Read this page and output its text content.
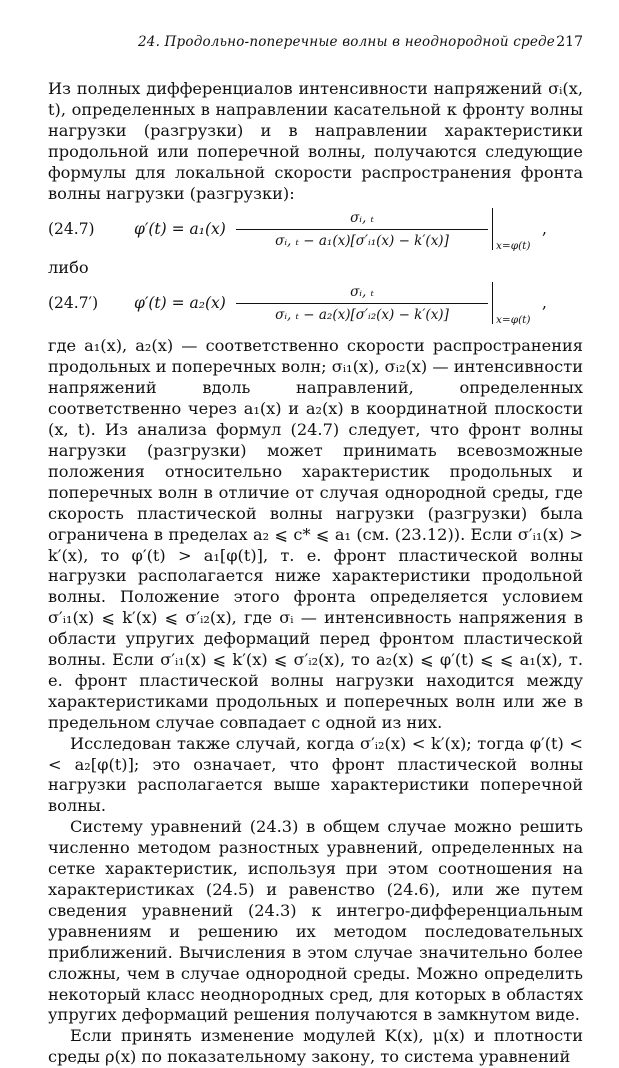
24. Продольно-поперечные волны в неоднородной среде 217

Из полных дифференциалов интенсивности напряжений σᵢ(x, t), определенных в направлении касательной к фронту волны нагрузки (разгрузки) и в направлении характеристики продольной или поперечной волны, получаются следующие формулы для локальной скорости распространения фронта волны нагрузки (разгрузки):

(24.7)	$\varphi'(t) = a_1(x) \frac{\text{σᵢ, ₜ}}{\text{σᵢ, ₜ − a₁(x)[σ′ᵢ₁(x) − k′(x)]}} x=\varphi(t)$
,
либо
(24.7′) $\varphi'(t) = a_2(x) \frac{\text{σᵢ, ₜ}}{\text{σᵢ, ₜ − a₂(x)[σ′ᵢ₂(x) − k′(x)]}} x=\varphi(t)$
,

где a₁(x), a₂(x) — соответственно скорости распространения продольных и поперечных волн; σᵢ₁(x), σᵢ₂(x) — интенсивности напряжений вдоль направлений, определенных соответственно через a₁(x) и a₂(x) в координатной плоскости (x, t). Из анализа формул (24.7) следует, что фронт волны нагрузки (разгрузки) может принимать всевозможные положения относительно характеристик продольных и поперечных волн в отличие от случая однородной среды, где скорость пластической волны нагрузки (разгрузки) была ограничена в пределах a₂ ⩽ c* ⩽ a₁ (см. (23.12)). Если σ′ᵢ₁(x) > k′(x), то φ′(t) > a₁[φ(t)], т. е. фронт пластической волны нагрузки располагается ниже характеристики продольной волны. Положение этого фронта определяется условием σ′ᵢ₁(x) ⩽ k′(x) ⩽ σ′ᵢ₂(x), где σᵢ — интенсивность напряжения в области упругих деформаций перед фронтом пластической волны. Если σ′ᵢ₁(x) ⩽ k′(x) ⩽ σ′ᵢ₂(x), то a₂(x) ⩽ φ′(t) ⩽ ⩽ a₁(x), т. е. фронт пластической волны нагрузки находится между характеристиками продольных и поперечных волн или же в предельном случае совпадает с одной из них.

Исследован также случай, когда σ′ᵢ₂(x) < k′(x); тогда φ′(t) < < a₂[φ(t)]; это означает, что фронт пластической волны нагрузки располагается выше характеристики поперечной волны.

Систему уравнений (24.3) в общем случае можно решить численно методом разностных уравнений, определенных на сетке характеристик, используя при этом соотношения на характеристиках (24.5) и равенство (24.6), или же путем сведения уравнений (24.3) к интегро-дифференциальным уравнениям и решению их методом последовательных приближений. Вычисления в этом случае значительно более сложны, чем в случае однородной среды. Можно определить некоторый класс неоднородных сред, для которых в областях упругих деформаций решения получаются в замкнутом виде.

Если принять изменение модулей K(x), μ(x) и плотности среды ρ(x) по показательному закону, то система уравнений
